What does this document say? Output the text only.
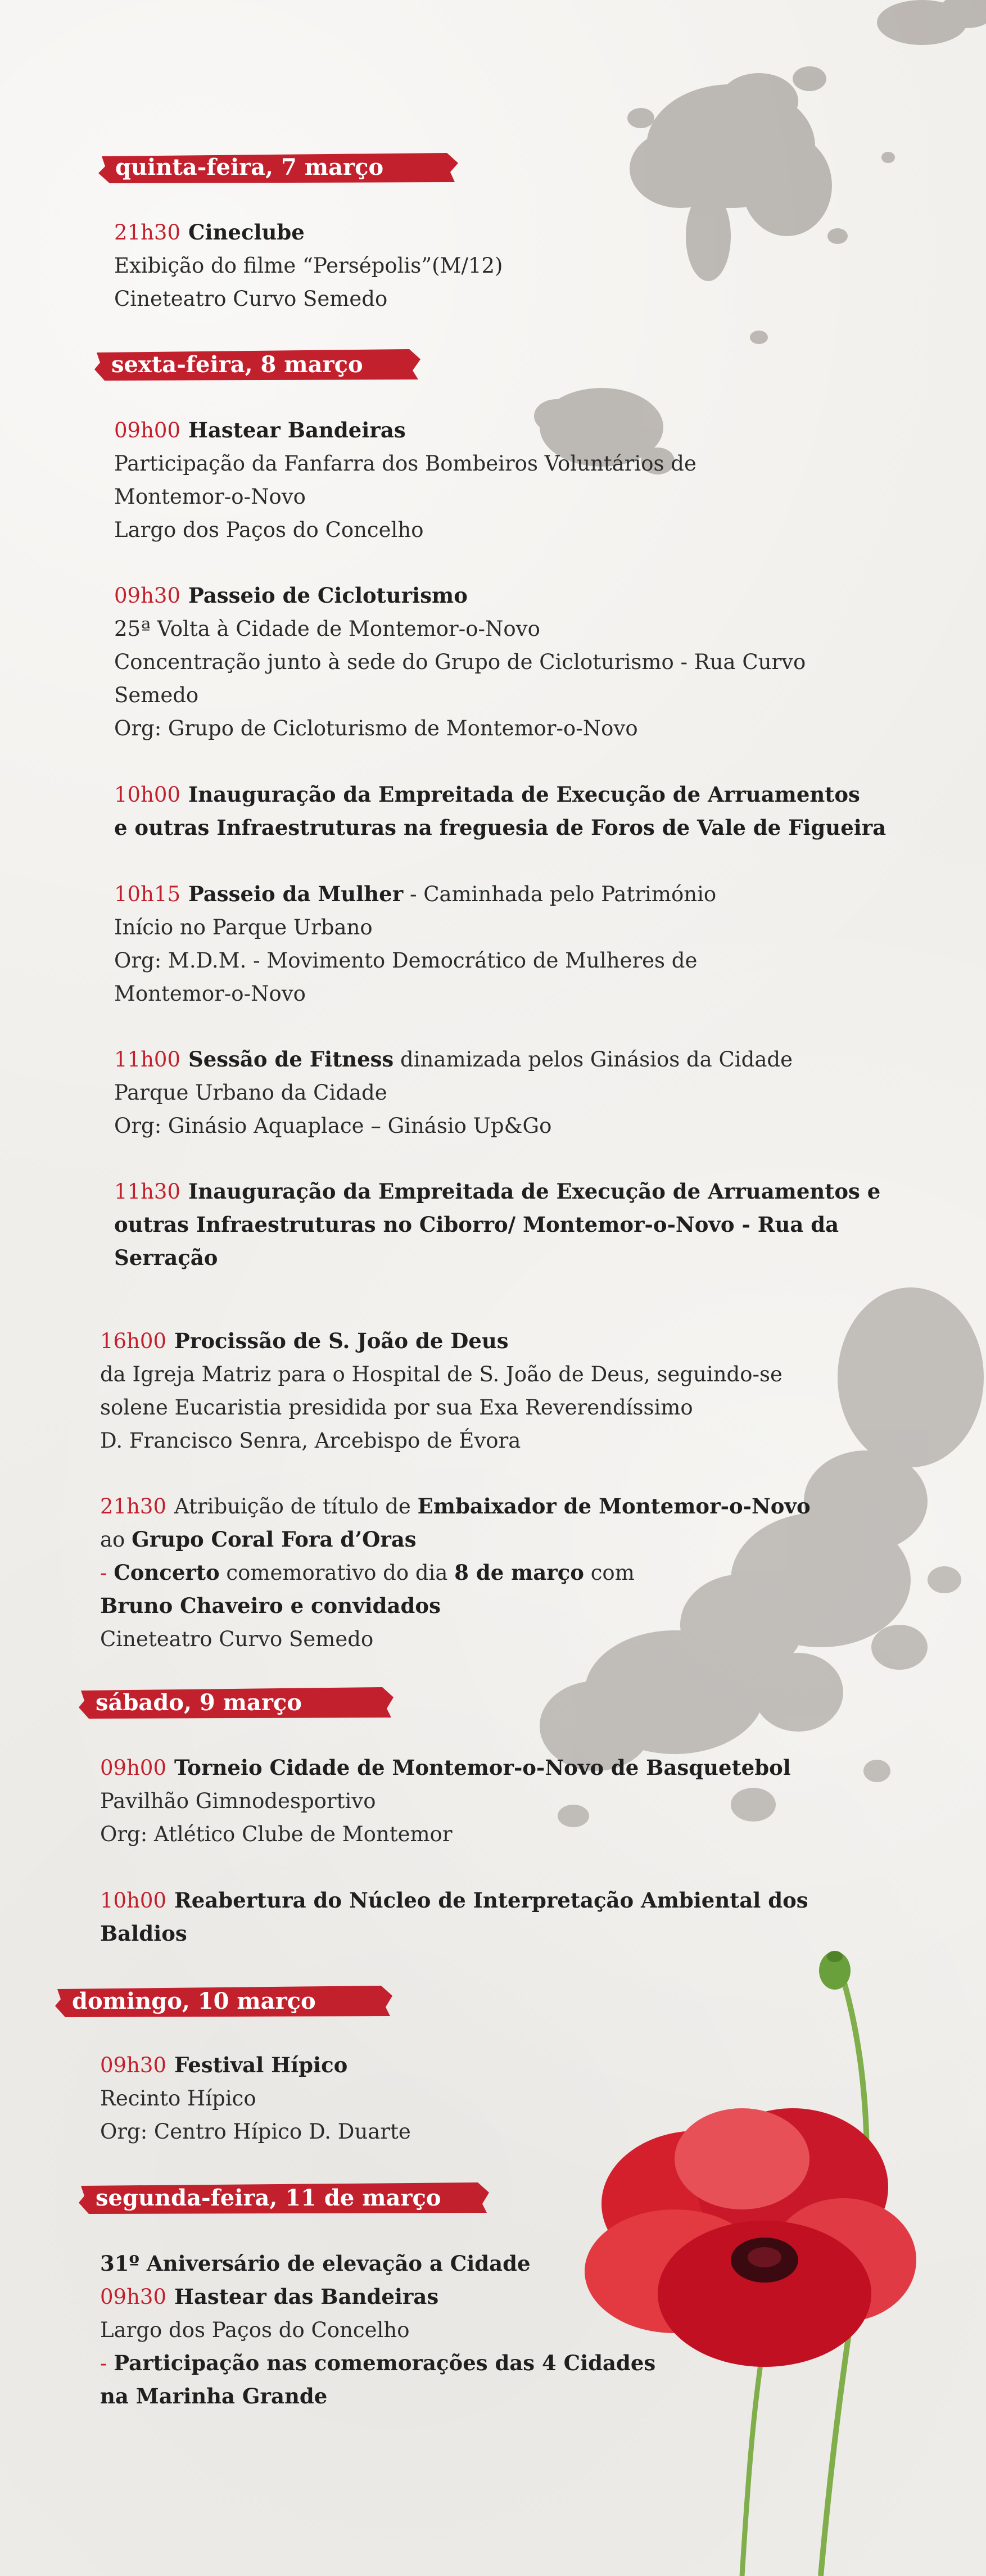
quinta-feira, 7 março
21h30 Cineclube
Exibição do filme “Persépolis”(M/12)
Cineteatro Curvo Semedo
sexta-feira, 8 março
09h00 Hastear Bandeiras
Participação da Fanfarra dos Bombeiros Voluntários de
Montemor-o-Novo
Largo dos Paços do Concelho
09h30 Passeio de Cicloturismo
25ª Volta à Cidade de Montemor-o-Novo
Concentração junto à sede do Grupo de Cicloturismo - Rua Curvo
Semedo
Org: Grupo de Cicloturismo de Montemor-o-Novo
10h00 Inauguração da Empreitada de Execução de Arruamentos
e outras Infraestruturas na freguesia de Foros de Vale de Figueira
10h15 Passeio da Mulher - Caminhada pelo Património
Início no Parque Urbano
Org: M.D.M. - Movimento Democrático de Mulheres de
Montemor-o-Novo
11h00 Sessão de Fitness dinamizada pelos Ginásios da Cidade
Parque Urbano da Cidade
Org: Ginásio Aquaplace – Ginásio Up&Go
11h30 Inauguração da Empreitada de Execução de Arruamentos e
outras Infraestruturas no Ciborro/ Montemor-o-Novo - Rua da
Serração
16h00 Procissão de S. João de Deus
da Igreja Matriz para o Hospital de S. João de Deus, seguindo-se
solene Eucaristia presidida por sua Exa Reverendíssimo
D. Francisco Senra, Arcebispo de Évora
21h30 Atribuição de título de Embaixador de Montemor-o-Novo
ao Grupo Coral Fora d’Oras
- Concerto comemorativo do dia 8 de março com
Bruno Chaveiro e convidados
Cineteatro Curvo Semedo
sábado, 9 março
09h00 Torneio Cidade de Montemor-o-Novo de Basquetebol
Pavilhão Gimnodesportivo
Org: Atlético Clube de Montemor
10h00 Reabertura do Núcleo de Interpretação Ambiental dos
Baldios
domingo, 10 março
09h30 Festival Hípico
Recinto Hípico
Org: Centro Hípico D. Duarte
segunda-feira, 11 de março
31º Aniversário de elevação a Cidade
09h30 Hastear das Bandeiras
Largo dos Paços do Concelho
- Participação nas comemorações das 4 Cidades
na Marinha Grande
